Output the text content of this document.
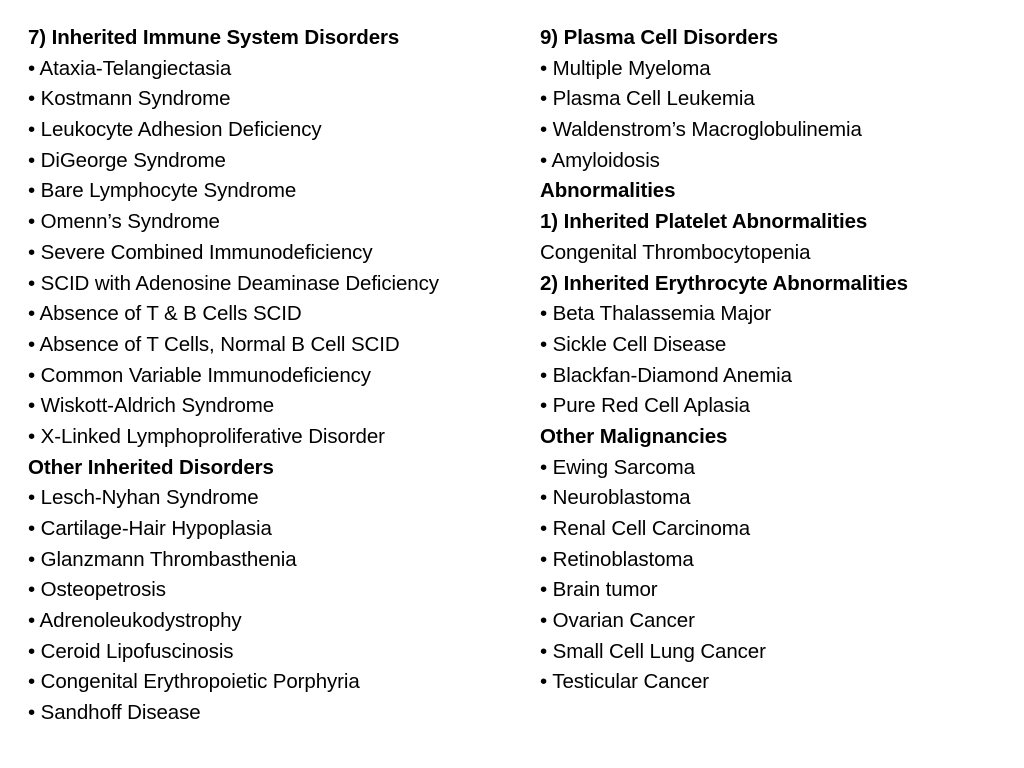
7) Inherited Immune System Disorders
• Ataxia-Telangiectasia
• Kostmann Syndrome
• Leukocyte Adhesion Deficiency
• DiGeorge Syndrome
• Bare Lymphocyte Syndrome
• Omenn’s Syndrome
• Severe Combined Immunodeficiency
• SCID with Adenosine Deaminase Deficiency
• Absence of T & B Cells SCID
• Absence of T Cells, Normal B Cell SCID
• Common Variable Immunodeficiency
• Wiskott-Aldrich Syndrome
• X-Linked Lymphoproliferative Disorder
Other Inherited Disorders
• Lesch-Nyhan Syndrome
• Cartilage-Hair Hypoplasia
• Glanzmann Thrombasthenia
• Osteopetrosis
• Adrenoleukodystrophy
• Ceroid Lipofuscinosis
• Congenital Erythropoietic Porphyria
• Sandhoff Disease
9) Plasma Cell Disorders
• Multiple Myeloma
• Plasma Cell Leukemia
• Waldenstrom’s Macroglobulinemia
• Amyloidosis
Abnormalities
1) Inherited Platelet Abnormalities
Congenital Thrombocytopenia
2) Inherited Erythrocyte Abnormalities
• Beta Thalassemia Major
• Sickle Cell Disease
• Blackfan-Diamond Anemia
• Pure Red Cell Aplasia
Other Malignancies
• Ewing Sarcoma
• Neuroblastoma
• Renal Cell Carcinoma
• Retinoblastoma
• Brain tumor
• Ovarian Cancer
• Small Cell Lung Cancer
• Testicular Cancer
